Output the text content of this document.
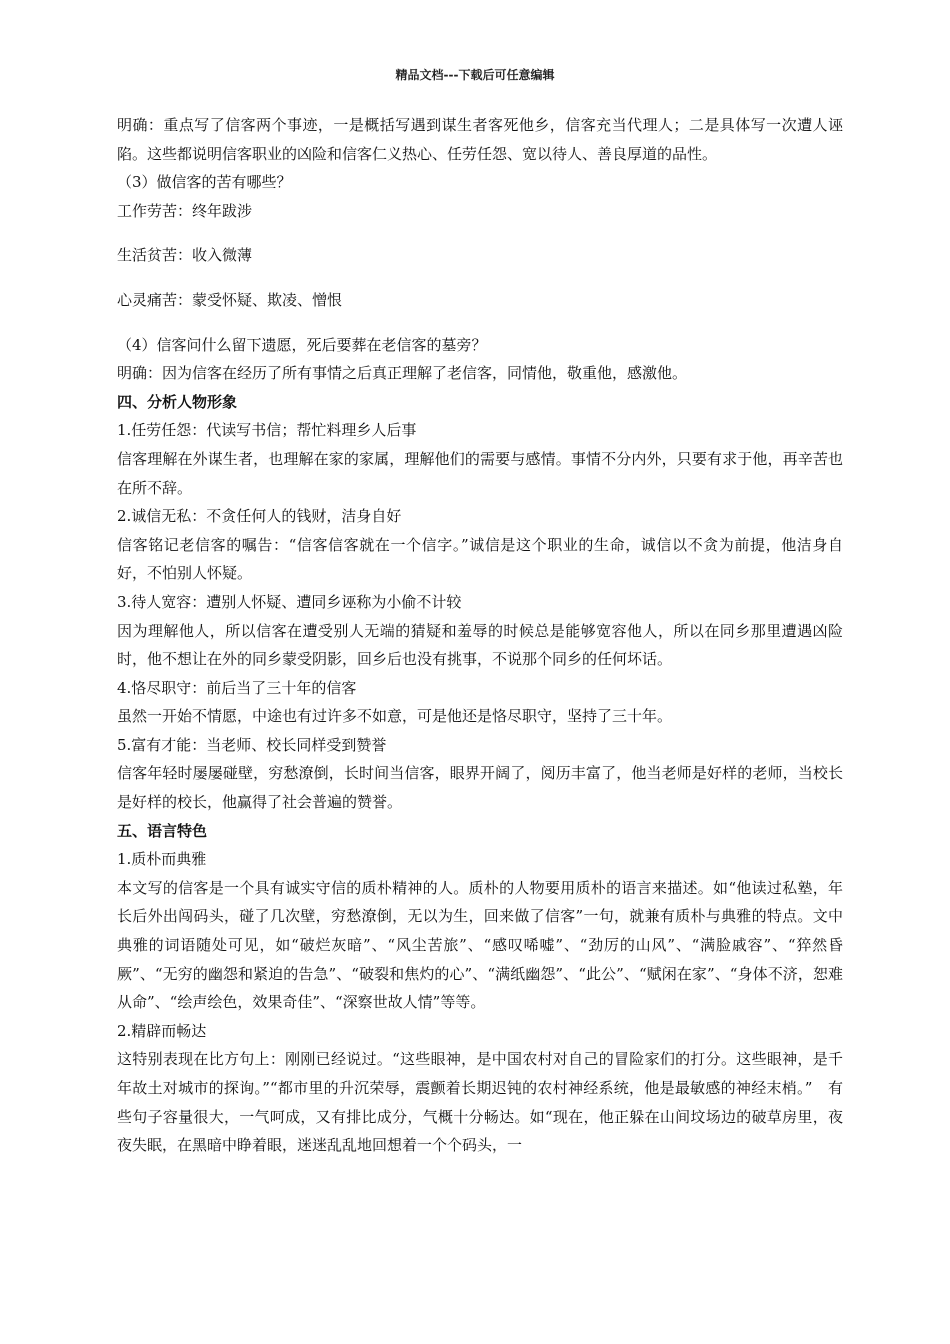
精品文档---下载后可任意编辑

明确：重点写了信客两个事迹，一是概括写遇到谋生者客死他乡，信客充当代理人；二是具体写一次遭人诬陷。这些都说明信客职业的凶险和信客仁义热心、任劳任怨、宽以待人、善良厚道的品性。

（3）做信客的苦有哪些？

工作劳苦：终年跋涉

生活贫苦：收入微薄

心灵痛苦：蒙受怀疑、欺凌、憎恨

（4）信客问什么留下遗愿，死后要葬在老信客的墓旁？

明确：因为信客在经历了所有事情之后真正理解了老信客，同情他，敬重他，感激他。

四、分析人物形象

1.任劳任怨：代读写书信；帮忙料理乡人后事

信客理解在外谋生者，也理解在家的家属，理解他们的需要与感情。事情不分内外，只要有求于他，再辛苦也在所不辞。

2.诚信无私：不贪任何人的钱财，洁身自好

信客铭记老信客的嘱告：“信客信客就在一个信字。”诚信是这个职业的生命，诚信以不贪为前提，他洁身自好，不怕别人怀疑。

3.待人宽容：遭别人怀疑、遭同乡诬称为小偷不计较

因为理解他人，所以信客在遭受别人无端的猜疑和羞辱的时候总是能够宽容他人，所以在同乡那里遭遇凶险时，他不想让在外的同乡蒙受阴影，回乡后也没有挑事，不说那个同乡的任何坏话。

4.恪尽职守：前后当了三十年的信客

虽然一开始不情愿，中途也有过许多不如意，可是他还是恪尽职守，坚持了三十年。

5.富有才能：当老师、校长同样受到赞誉

信客年轻时屡屡碰壁，穷愁潦倒，长时间当信客，眼界开阔了，阅历丰富了，他当老师是好样的老师，当校长是好样的校长，他赢得了社会普遍的赞誉。

五、语言特色

1.质朴而典雅

本文写的信客是一个具有诚实守信的质朴精神的人。质朴的人物要用质朴的语言来描述。如“他读过私塾，年长后外出闯码头，碰了几次壁，穷愁潦倒，无以为生，回来做了信客”一句，就兼有质朴与典雅的特点。文中典雅的词语随处可见，如“破烂灰暗”、“风尘苦旅”、“感叹唏嘘”、“劲厉的山风”、“满脸戚容”、“猝然昏厥”、“无穷的幽怨和紧迫的告急”、“破裂和焦灼的心”、“满纸幽怨”、“此公”、“赋闲在家”、“身体不济，恕难从命”、“绘声绘色，效果奇佳”、“深察世故人情”等等。

2.精辟而畅达

这特别表现在比方句上：刚刚已经说过。“这些眼神，是中国农村对自己的冒险家们的打分。这些眼神，是千年故土对城市的探询。”“都市里的升沉荣辱，震颤着长期迟钝的农村神经系统，他是最敏感的神经末梢。”　有些句子容量很大，一气呵成，又有排比成分，气概十分畅达。如“现在，他正躲在山间坟场边的破草房里，夜夜失眠，在黑暗中睁着眼，迷迷乱乱地回想着一个个码头，一
